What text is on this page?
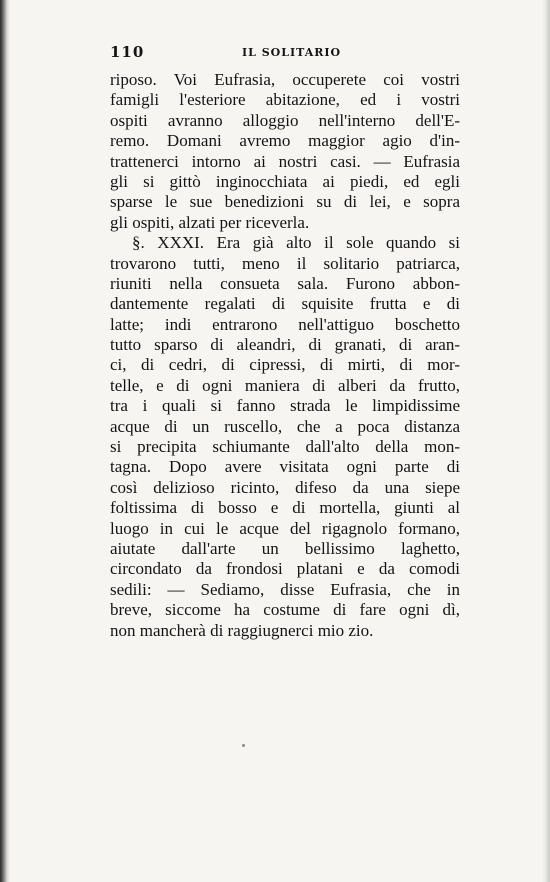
110	IL SOLITARIO
riposo. Voi Eufrasia, occuperete coi vostri
famigli l'esteriore abitazione, ed i vostri
ospiti avranno alloggio nell'interno dell'E-
remo. Domani avremo maggior agio d'in-
trattenerci intorno ai nostri casi. — Eufrasia
gli si gittò inginocchiata ai piedi, ed egli
sparse le sue benedizioni su di lei, e sopra
gli ospiti, alzati per riceverla.
§. XXXI. Era già alto il sole quando si
trovarono tutti, meno il solitario patriarca,
riuniti nella consueta sala. Furono abbon-
dantemente regalati di squisite frutta e di
latte; indi entrarono nell'attiguo boschetto
tutto sparso di aleandri, di granati, di aran-
ci, di cedri, di cipressi, di mirti, di mor-
telle, e di ogni maniera di alberi da frutto,
tra i quali si fanno strada le limpidissime
acque di un ruscello, che a poca distanza
si precipita schiumante dall'alto della mon-
tagna. Dopo avere visitata ogni parte di
così delizioso ricinto, difeso da una siepe
foltissima di bosso e di mortella, giunti al
luogo in cui le acque del rigagnolo formano,
aiutate dall'arte un bellissimo laghetto,
circondato da frondosi platani e da comodi
sedili: — Sediamo, disse Eufrasia, che in
breve, siccome ha costume di fare ogni dì,
non mancherà di raggiugnerci mio zio.
